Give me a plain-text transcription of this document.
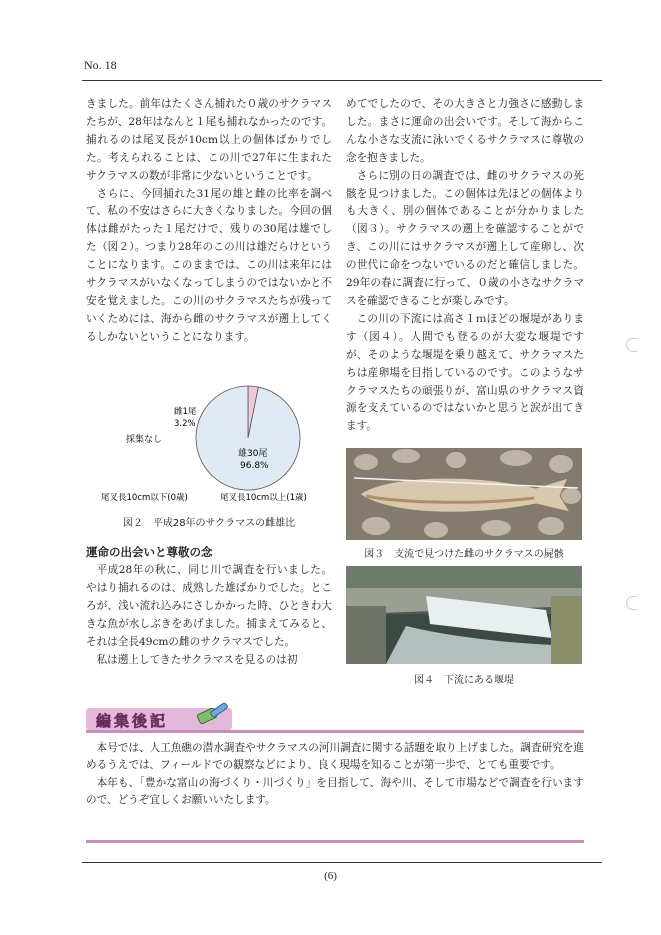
No. 18

きました。前年はたくさん捕れた０歳のサクラマスたちが、28年はなんと１尾も捕れなかったのです。捕れるのは尾叉長が10cm以上の個体ばかりでした。考えられることは、この川で27年に生まれたサクラマスの数が非常に少ないということです。

さらに、今回捕れた31尾の雄と雌の比率を調べて、私の不安はさらに大きくなりました。今回の個体は雌がたった１尾だけで、残りの30尾は雄でした（図２）。つまり28年のこの川は雄だらけということになります。このままでは、この川は来年にはサクラマスがいなくなってしまうのではないかと不安を覚えました。この川のサクラマスたちが残っていくためには、海から雌のサクラマスが遡上してくるしかないということになります。

雌1尾
3.2%
採集なし
雄30尾
96.8%
尾叉長10cm以下(0歳)	尾叉長10cm以上(1歳)
図２　平成28年のサクラマスの雌雄比
運命の出会いと尊敬の念

平成28年の秋に、同じ川で調査を行いました。やはり捕れるのは、成熟した雄ばかりでした。ところが、浅い流れ込みにさしかかった時、ひときわ大きな魚が水しぶきをあげました。捕まえてみると、それは全長49cmの雌のサクラマスでした。

私は遡上してきたサクラマスを見るのは初

めてでしたので、その大きさと力強さに感動しました。まさに運命の出会いです。そして海からこんな小さな支流に泳いでくるサクラマスに尊敬の念を抱きました。

さらに別の日の調査では、雌のサクラマスの死骸を見つけました。この個体は先ほどの個体よりも大きく、別の個体であることが分かりました（図３）。サクラマスの遡上を確認することができ、この川にはサクラマスが遡上して産卵し、次の世代に命をつないでいるのだと確信しました。29年の春に調査に行って、０歳の小さなサクラマスを確認できることが楽しみです。

この川の下流には高さ１ｍほどの堰堤があります（図４）。人間でも登るのが大変な堰堤ですが、そのような堰堤を乗り越えて、サクラマスたちは産卵場を目指しているのです。このようなサクラマスたちの頑張りが、富山県のサクラマス資源を支えているのではないかと思うと涙が出てきます。

図３　支流で見つけた雌のサクラマスの屍骸
図４　下流にある堰堤
編集後記

本号では、人工魚礁の潜水調査やサクラマスの河川調査に関する話題を取り上げました。調査研究を進めるうえでは、フィールドでの観察などにより、良く現場を知ることが第一歩で、とても重要です。

本年も、「豊かな富山の海づくり・川づくり」を目指して、海や川、そして市場などで調査を行いますので、どうぞ宜しくお願いいたします。

(6)
